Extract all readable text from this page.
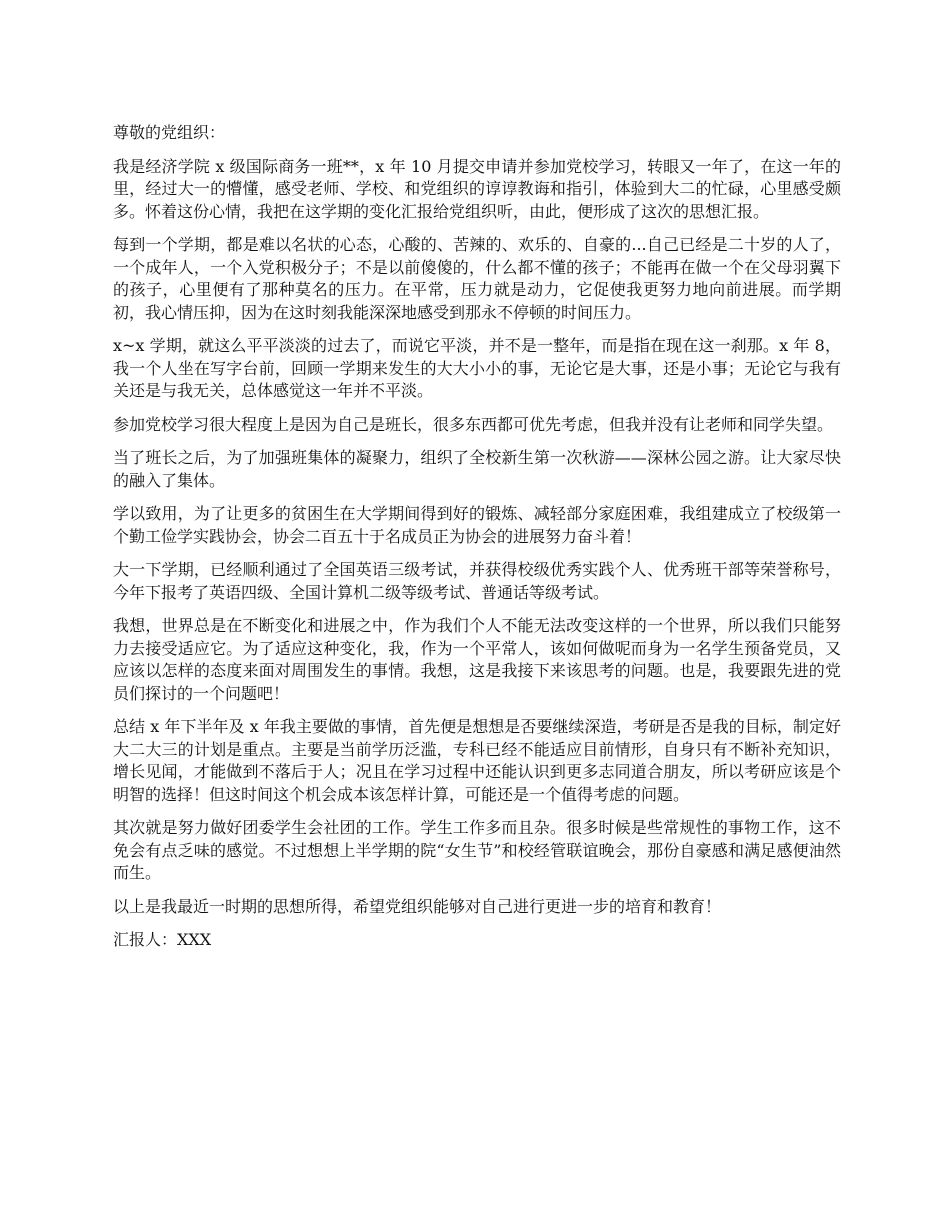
尊敬的党组织：

我是经济学院 x 级国际商务一班**，x 年 10 月提交申请并参加党校学习，转眼又一年了，在这一年的里，经过大一的懵懂，感受老师、学校、和党组织的谆谆教诲和指引，体验到大二的忙碌，心里感受颇多。怀着这份心情，我把在这学期的变化汇报给党组织听，由此，便形成了这次的思想汇报。

每到一个学期，都是难以名状的心态，心酸的、苦辣的、欢乐的、自豪的...自己已经是二十岁的人了，一个成年人，一个入党积极分子；不是以前傻傻的，什么都不懂的孩子；不能再在做一个在父母羽翼下的孩子，心里便有了那种莫名的压力。在平常，压力就是动力，它促使我更努力地向前进展。而学期初，我心情压抑，因为在这时刻我能深深地感受到那永不停顿的时间压力。

x~x 学期，就这么平平淡淡的过去了，而说它平淡，并不是一整年，而是指在现在这一刹那。x 年 8，我一个人坐在写字台前，回顾一学期来发生的大大小小的事，无论它是大事，还是小事；无论它与我有关还是与我无关，总体感觉这一年并不平淡。

参加党校学习很大程度上是因为自己是班长，很多东西都可优先考虑，但我并没有让老师和同学失望。

当了班长之后，为了加强班集体的凝聚力，组织了全校新生第一次秋游——深林公园之游。让大家尽快的融入了集体。

学以致用，为了让更多的贫困生在大学期间得到好的锻炼、减轻部分家庭困难，我组建成立了校级第一个勤工俭学实践协会，协会二百五十于名成员正为协会的进展努力奋斗着！

大一下学期，已经顺利通过了全国英语三级考试，并获得校级优秀实践个人、优秀班干部等荣誉称号，今年下报考了英语四级、全国计算机二级等级考试、普通话等级考试。

我想，世界总是在不断变化和进展之中，作为我们个人不能无法改变这样的一个世界，所以我们只能努力去接受适应它。为了适应这种变化，我，作为一个平常人，该如何做呢而身为一名学生预备党员，又应该以怎样的态度来面对周围发生的事情。我想，这是我接下来该思考的问题。也是，我要跟先进的党员们探讨的一个问题吧！

总结 x 年下半年及 x 年我主要做的事情，首先便是想想是否要继续深造，考研是否是我的目标，制定好大二大三的计划是重点。主要是当前学历泛滥，专科已经不能适应目前情形，自身只有不断补充知识，增长见闻，才能做到不落后于人；况且在学习过程中还能认识到更多志同道合朋友，所以考研应该是个明智的选择！但这时间这个机会成本该怎样计算，可能还是一个值得考虑的问题。

其次就是努力做好团委学生会社团的工作。学生工作多而且杂。很多时候是些常规性的事物工作，这不免会有点乏味的感觉。不过想想上半学期的院“女生节”和校经管联谊晚会，那份自豪感和满足感便油然而生。

以上是我最近一时期的思想所得，希望党组织能够对自己进行更进一步的培育和教育！

汇报人：XXX
